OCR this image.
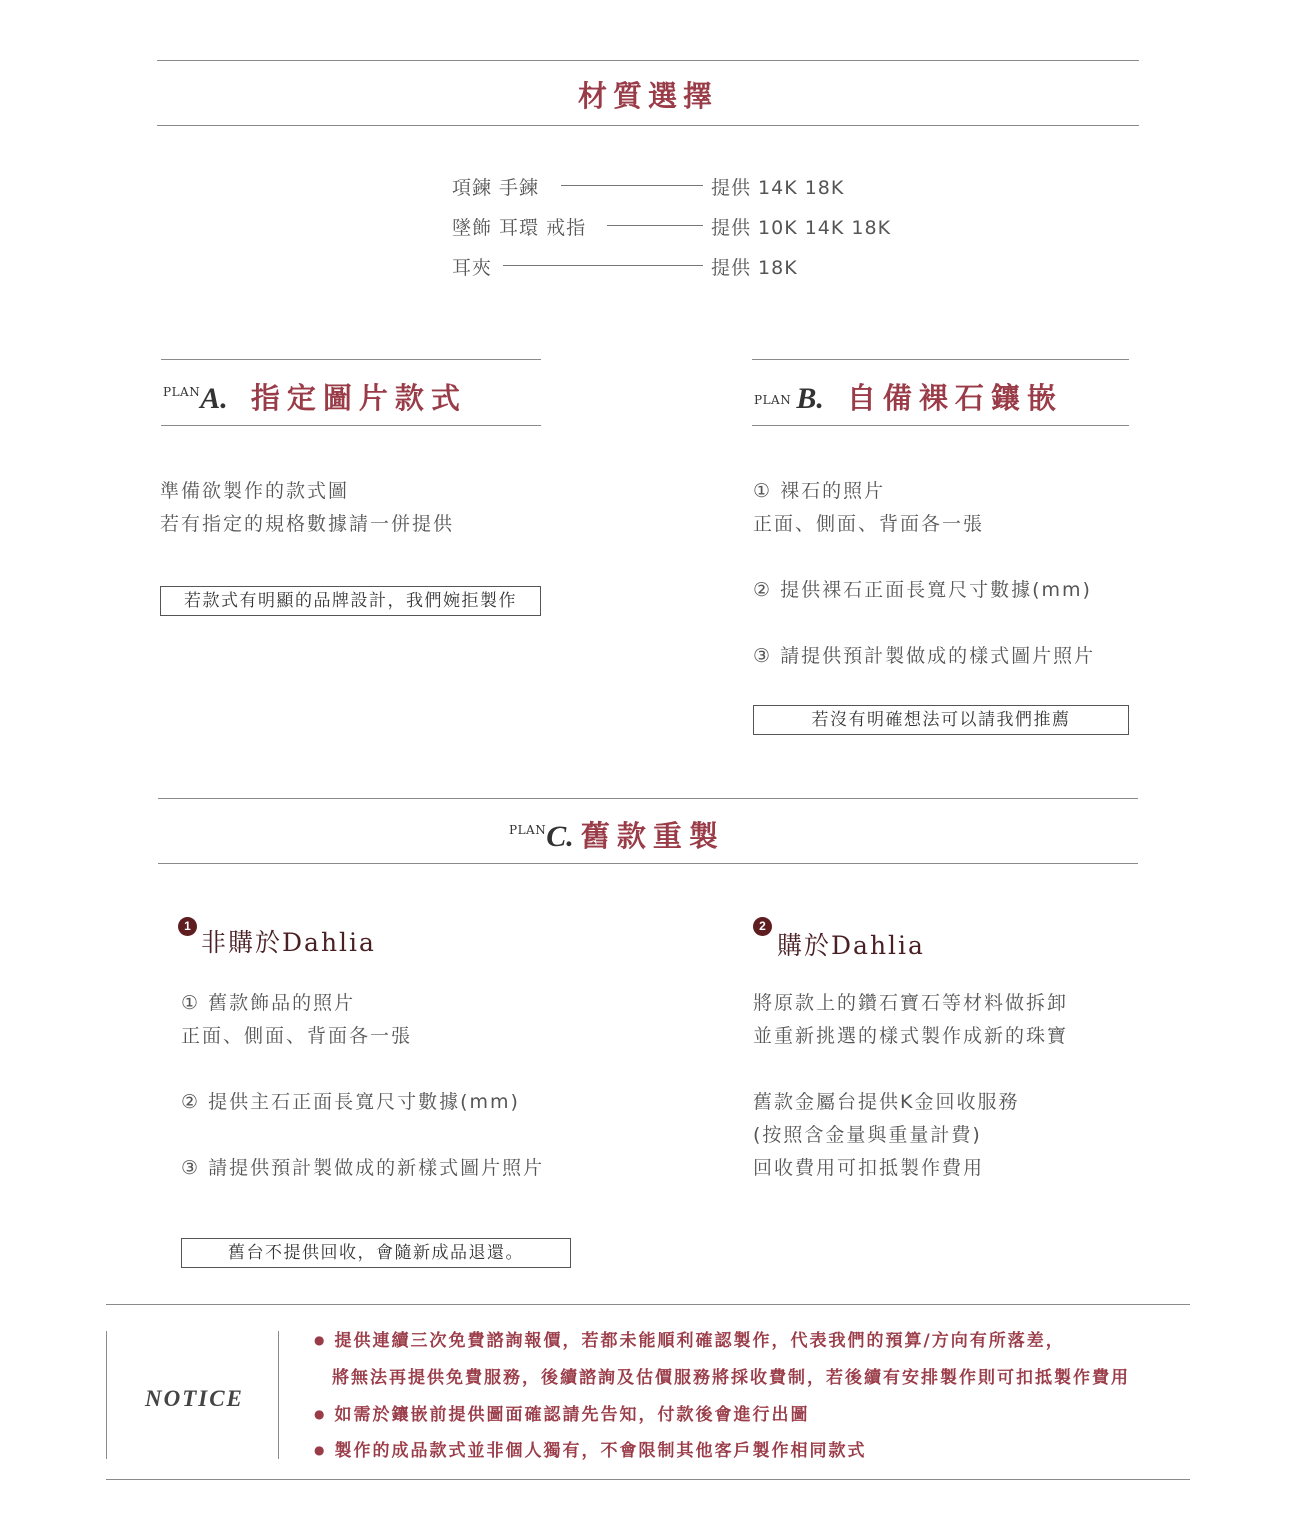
材質選擇
項鍊 手鍊	提供 14K 18K
墜飾 耳環 戒指	提供 10K 14K 18K
耳夾	提供 18K
$^{PLAN}$A. 指定圖片款式
準備欲製作的款式圖
若有指定的規格數據請一併提供
若款式有明顯的品牌設計，我們婉拒製作
$^{PLAN}$ B. 自備裸石鑲嵌
① 裸石的照片
正面、側面、背面各一張
② 提供裸石正面長寬尺寸數據(mm)
③ 請提供預計製做成的樣式圖片照片
若沒有明確想法可以請我們推薦
$^{PLAN}$C. 舊款重製
1
非購於Dahlia
① 舊款飾品的照片
正面、側面、背面各一張
② 提供主石正面長寬尺寸數據(mm)
③ 請提供預計製做成的新樣式圖片照片
舊台不提供回收，會隨新成品退還。
2
購於Dahlia
將原款上的鑽石寶石等材料做拆卸
並重新挑選的樣式製作成新的珠寶
舊款金屬台提供K金回收服務
(按照含金量與重量計費)
回收費用可扣抵製作費用
NOTICE
● 提供連續三次免費諮詢報價，若都未能順利確認製作，代表我們的預算/方向有所落差，
將無法再提供免費服務，後續諮詢及估價服務將採收費制，若後續有安排製作則可扣抵製作費用
● 如需於鑲嵌前提供圖面確認請先告知，付款後會進行出圖
● 製作的成品款式並非個人獨有，不會限制其他客戶製作相同款式
